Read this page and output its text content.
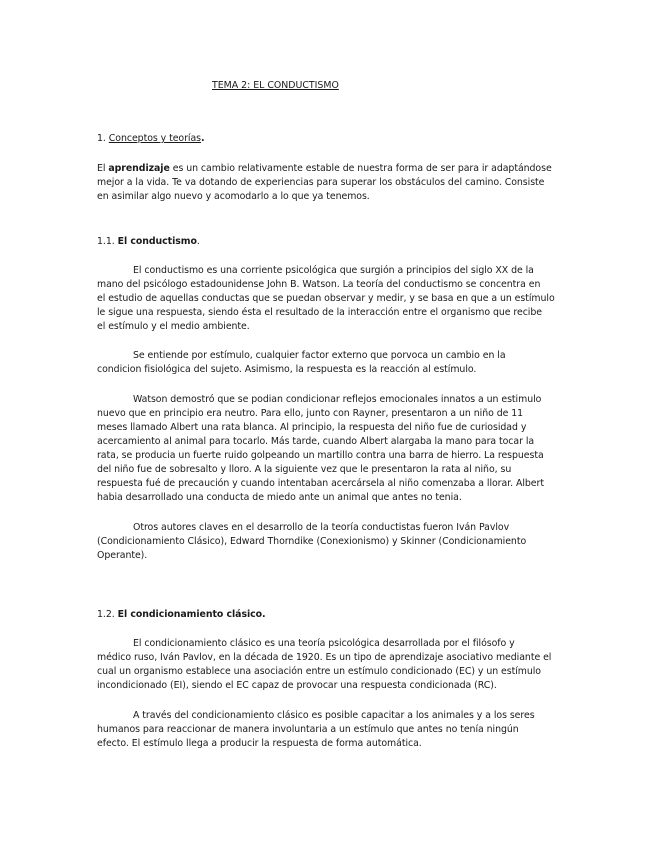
TEMA 2: EL CONDUCTISMO
1. Conceptos y teorías.
El aprendizaje es un cambio relativamente estable de nuestra forma de ser para ir adaptándose
mejor a la vida. Te va dotando de experiencias para superar los obstáculos del camino. Consiste
en asimilar algo nuevo y acomodarlo a lo que ya tenemos.
1.1. El conductismo.
El conductismo es una corriente psicológica que surgión a principios del siglo XX de la
mano del psicólogo estadounidense John B. Watson. La teoría del conductismo se concentra en
el estudio de aquellas conductas que se puedan observar y medir, y se basa en que a un estímulo
le sigue una respuesta, siendo ésta el resultado de la interacción entre el organismo que recibe
el estímulo y el medio ambiente.
Se entiende por estímulo, cualquier factor externo que porvoca un cambio en la
condicion fisiológica del sujeto. Asimismo, la respuesta es la reacción al estímulo.
Watson demostró que se podian condicionar reflejos emocionales innatos a un estimulo
nuevo que en principio era neutro. Para ello, junto con Rayner, presentaron a un niño de 11
meses llamado Albert una rata blanca. Al principio, la respuesta del niño fue de curiosidad y
acercamiento al animal para tocarlo. Más tarde, cuando Albert alargaba la mano para tocar la
rata, se producia un fuerte ruido golpeando un martillo contra una barra de hierro. La respuesta
del niño fue de sobresalto y lloro. A la siguiente vez que le presentaron la rata al niño, su
respuesta fué de precaución y cuando intentaban acercársela al niño comenzaba a llorar. Albert
habia desarrollado una conducta de miedo ante un animal que antes no tenia.
Otros autores claves en el desarrollo de la teoría conductistas fueron Iván Pavlov
(Condicionamiento Clásico), Edward Thorndike (Conexionismo) y Skinner (Condicionamiento
Operante).
1.2. El condicionamiento clásico.
El condicionamiento clásico es una teoría psicológica desarrollada por el filósofo y
médico ruso, Iván Pavlov, en la década de 1920. Es un tipo de aprendizaje asociativo mediante el
cual un organismo establece una asociación entre un estímulo condicionado (EC) y un estímulo
incondicionado (EI), siendo el EC capaz de provocar una respuesta condicionada (RC).
A través del condicionamiento clásico es posible capacitar a los animales y a los seres
humanos para reaccionar de manera involuntaria a un estímulo que antes no tenía ningún
efecto. El estímulo llega a producir la respuesta de forma automática.
